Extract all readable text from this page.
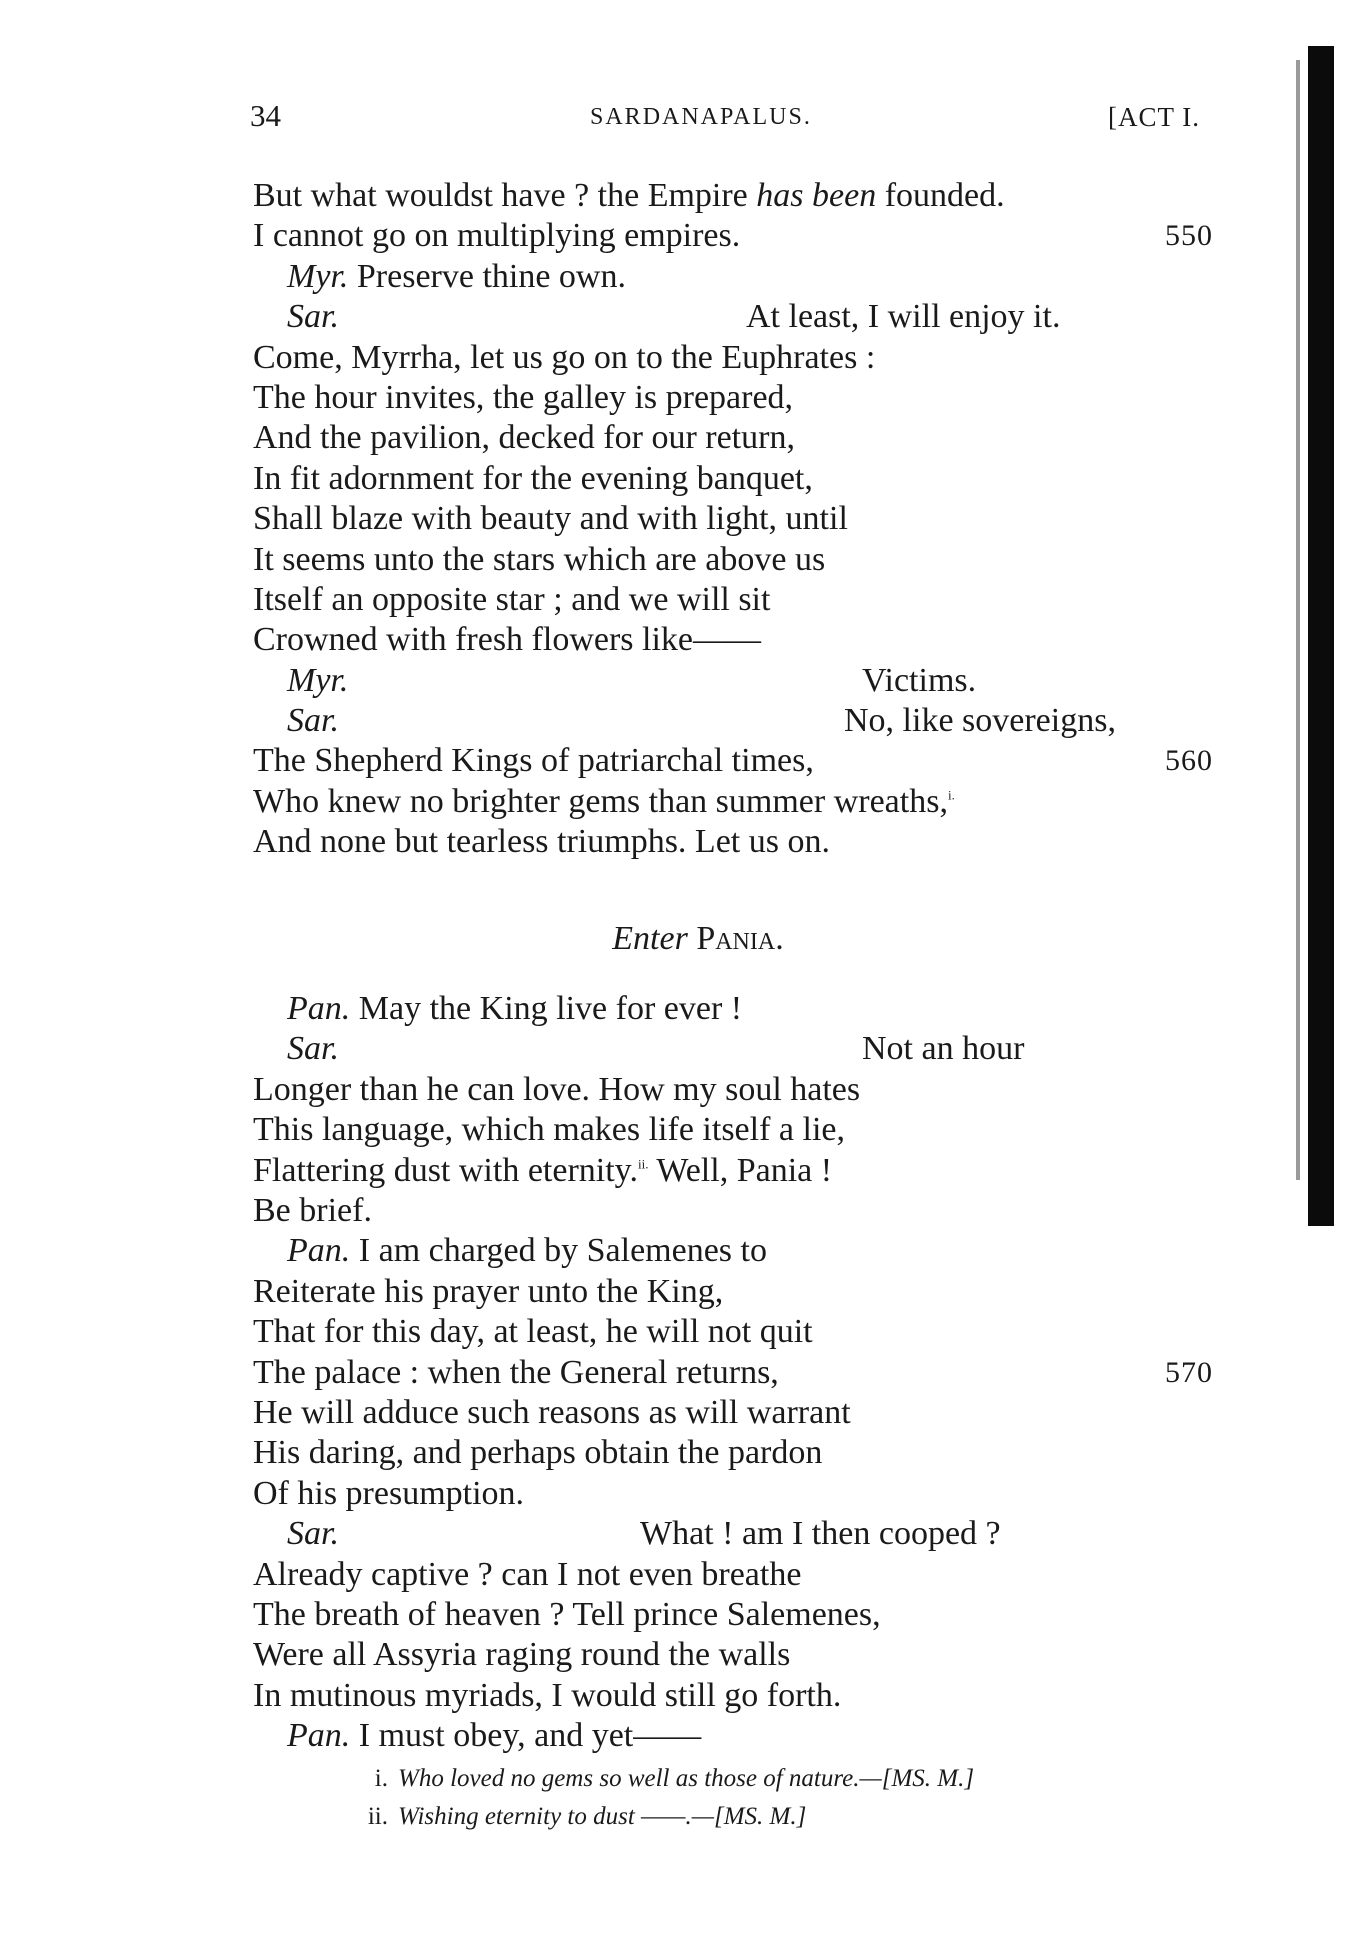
34	SARDANAPALUS.	[ACT I.
But what wouldst have ? the Empire has been founded.
I cannot go on multiplying empires.	550
Myr. Preserve thine own.
Sar.	At least, I will enjoy it.
Come, Myrrha, let us go on to the Euphrates :
The hour invites, the galley is prepared,
And the pavilion, decked for our return,
In fit adornment for the evening banquet,
Shall blaze with beauty and with light, until
It seems unto the stars which are above us
Itself an opposite star ; and we will sit
Crowned with fresh flowers like——
Myr.	Victims.
Sar.	No, like sovereigns,
The Shepherd Kings of patriarchal times,	560
Who knew no brighter gems than summer wreaths,$^{i.}$
And none but tearless triumphs. Let us on.
Enter Pania.
Pan. May the King live for ever !
Sar.	Not an hour
Longer than he can love. How my soul hates
This language, which makes life itself a lie,
Flattering dust with eternity.$^{ii.}$ Well, Pania !
Be brief.
Pan. I am charged by Salemenes to
Reiterate his prayer unto the King,
That for this day, at least, he will not quit
The palace : when the General returns,	570
He will adduce such reasons as will warrant
His daring, and perhaps obtain the pardon
Of his presumption.
Sar.	What ! am I then cooped ?
Already captive ? can I not even breathe
The breath of heaven ? Tell prince Salemenes,
Were all Assyria raging round the walls
In mutinous myriads, I would still go forth.
Pan. I must obey, and yet——
i. Who loved no gems so well as those of nature.—[MS. M.]
ii. Wishing eternity to dust ——.—[MS. M.]
